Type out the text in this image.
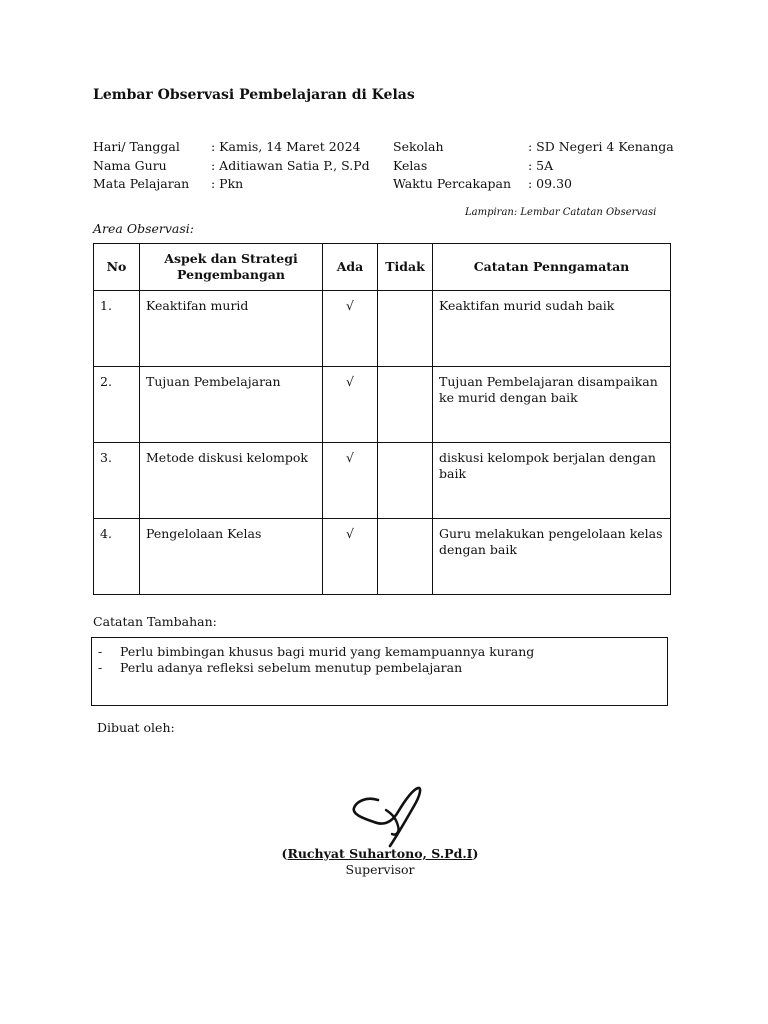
Lembar Observasi Pembelajaran di Kelas
Hari/ Tanggal	: Kamis, 14 Maret 2024
Nama Guru	: Aditiawan Satia P., S.Pd
Mata Pelajaran	: Pkn
Sekolah	: SD Negeri 4 Kenanga
Kelas	: 5A
Waktu Percakapan	: 09.30
Lampiran: Lembar Catatan Observasi
Area Observasi:
No	Aspek dan Strategi Pengembangan	Ada	Tidak	Catatan Penngamatan
1.	Keaktifan murid	√		Keaktifan murid sudah baik
2.	Tujuan Pembelajaran	√		Tujuan Pembelajaran disampaikan ke murid dengan baik
3.	Metode diskusi kelompok	√		diskusi kelompok berjalan dengan baik
4.	Pengelolaan Kelas	√		Guru melakukan pengelolaan kelas dengan baik
Catatan Tambahan:
-	Perlu bimbingan khusus bagi murid yang kemampuannya kurang
-	Perlu adanya refleksi sebelum menutup pembelajaran
Dibuat oleh:
(Ruchyat Suhartono, S.Pd.I)
Supervisor
